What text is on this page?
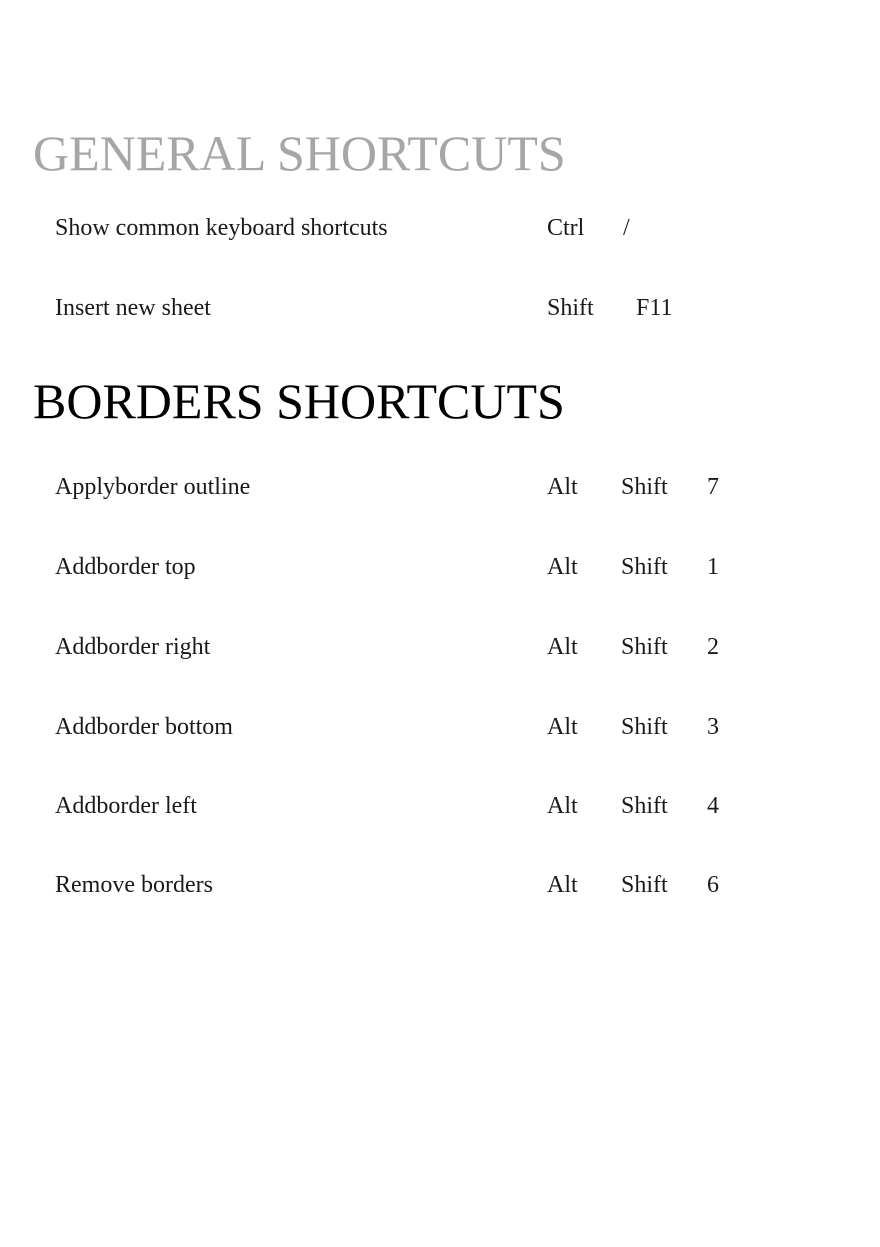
GENERAL SHORTCUTS
Show common keyboard shortcuts	Ctrl /
Insert new sheet	Shift F11
BORDERS SHORTCUTS
Applyborder outline	Alt Shift 7
Addborder top	Alt Shift 1
Addborder right	Alt Shift 2
Addborder bottom	Alt Shift 3
Addborder left	Alt Shift 4
Remove borders	Alt Shift 6
